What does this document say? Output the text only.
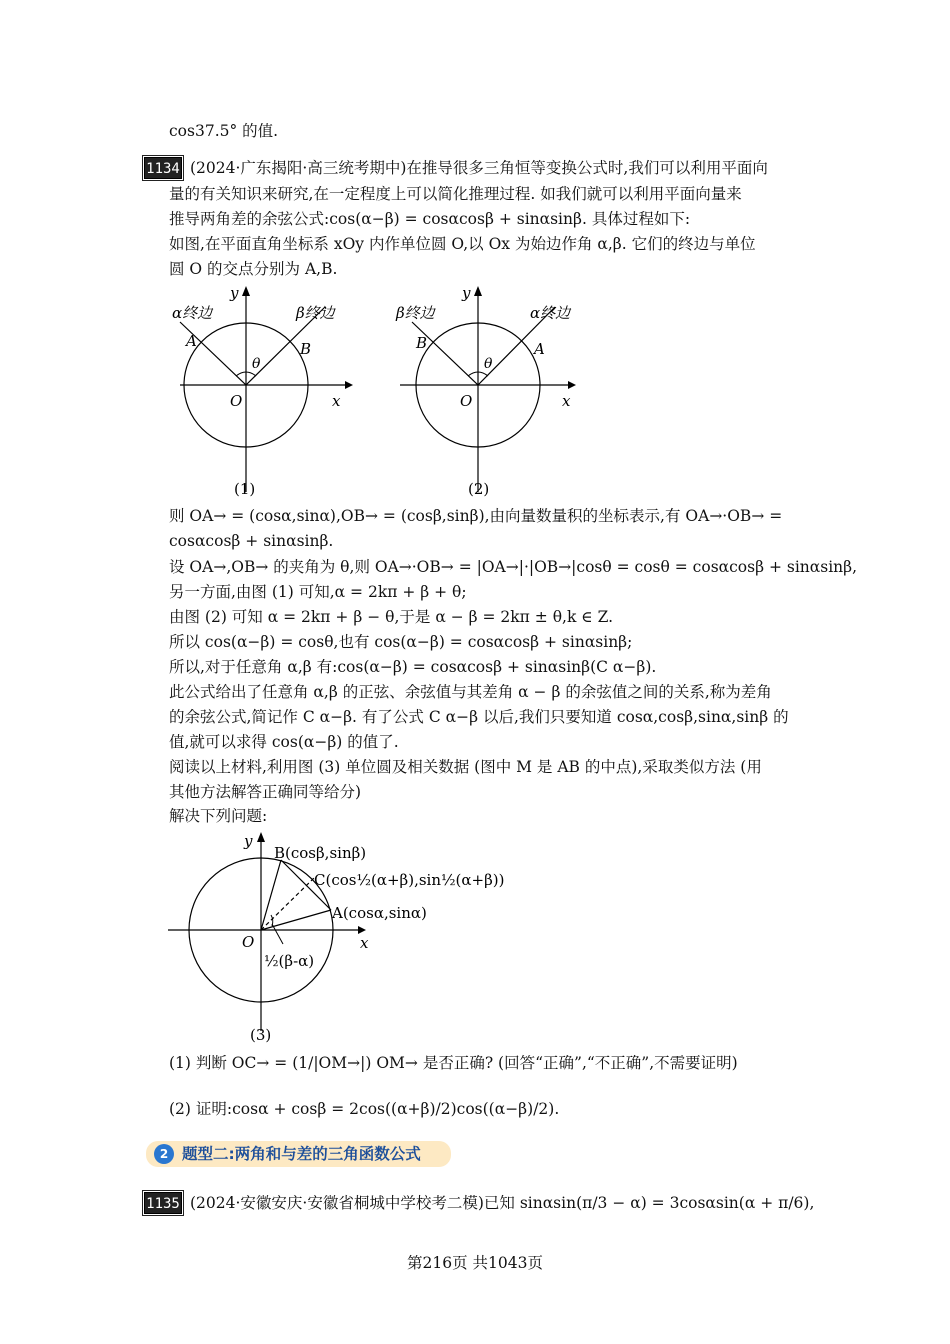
cos37.5° 的值.
1134 (2024·广东揭阳·高三统考期中)在推导很多三角恒等变换公式时,我们可以利用平面向
量的有关知识来研究,在一定程度上可以简化推理过程. 如我们就可以利用平面向量来
推导两角差的余弦公式:cos(α−β) = cosαcosβ + sinαsinβ. 具体过程如下:
如图,在平面直角坐标系 xOy 内作单位圆 O,以 Ox 为始边作角 α,β. 它们的终边与单位
圆 O 的交点分别为 A,B.
α终边	β终边
A	B
θ
O	x
y
(1)
β终边	α终边
B	A
θ
O	x
y
(2)
则 OA→ = (cosα,sinα),OB→ = (cosβ,sinβ),由向量数量积的坐标表示,有 OA→·OB→ =
cosαcosβ + sinαsinβ.
设 OA→,OB→ 的夹角为 θ,则 OA→·OB→ = |OA→|·|OB→|cosθ = cosθ = cosαcosβ + sinαsinβ,
另一方面,由图 (1) 可知,α = 2kπ + β + θ;
由图 (2) 可知 α = 2kπ + β − θ,于是 α − β = 2kπ ± θ,k ∈ Z.
所以 cos(α−β) = cosθ,也有 cos(α−β) = cosαcosβ + sinαsinβ;
所以,对于任意角 α,β 有:cos(α−β) = cosαcosβ + sinαsinβ(C α−β).
此公式给出了任意角 α,β 的正弦、余弦值与其差角 α − β 的余弦值之间的关系,称为差角
的余弦公式,简记作 C α−β. 有了公式 C α−β 以后,我们只要知道 cosα,cosβ,sinα,sinβ 的
值,就可以求得 cos(α−β) 的值了.
阅读以上材料,利用图 (3) 单位圆及相关数据 (图中 M 是 AB 的中点),采取类似方法 (用
其他方法解答正确同等给分)
解决下列问题:
y
x
O
B(cosβ,sinβ)
C(cos½(α+β),sin½(α+β))
A(cosα,sinα)
½(β-α)
(3)
(1) 判断 OC→ = (1/|OM→|) OM→ 是否正确? (回答“正确”,“不正确”,不需要证明)
(2) 证明:cosα + cosβ = 2cos((α+β)/2)cos((α−β)/2).
2 题型二:两角和与差的三角函数公式
1135 (2024·安徽安庆·安徽省桐城中学校考二模)已知 sinαsin(π/3 − α) = 3cosαsin(α + π/6),
第216页 共1043页
